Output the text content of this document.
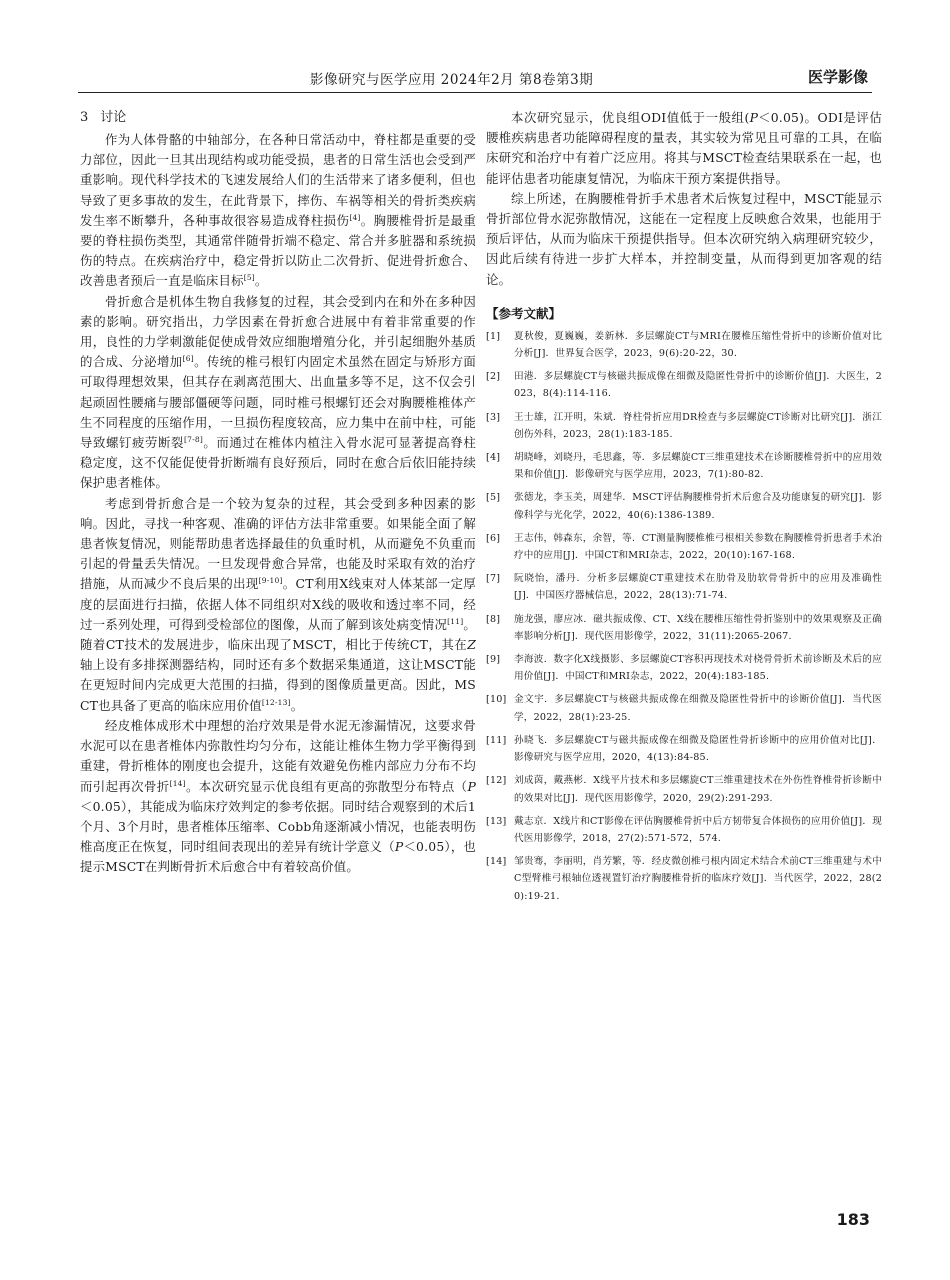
影像研究与医学应用 2024年2月 第8卷第3期	医学影像
3 讨论

作为人体骨骼的中轴部分，在各种日常活动中，脊柱都是重要的受力部位，因此一旦其出现结构或功能受损，患者的日常生活也会受到严重影响。现代科学技术的飞速发展给人们的生活带来了诸多便利，但也导致了更多事故的发生，在此背景下，摔伤、车祸等相关的骨折类疾病发生率不断攀升，各种事故很容易造成脊柱损伤[4]。胸腰椎骨折是最重要的脊柱损伤类型，其通常伴随骨折端不稳定、常合并多脏器和系统损伤的特点。在疾病治疗中，稳定骨折以防止二次骨折、促进骨折愈合、改善患者预后一直是临床目标[5]。

骨折愈合是机体生物自我修复的过程，其会受到内在和外在多种因素的影响。研究指出，力学因素在骨折愈合进展中有着非常重要的作用，良性的力学刺激能促使成骨效应细胞增殖分化，并引起细胞外基质的合成、分泌增加[6]。传统的椎弓根钉内固定术虽然在固定与矫形方面可取得理想效果，但其存在剥离范围大、出血量多等不足，这不仅会引起顽固性腰痛与腰部僵硬等问题，同时椎弓根螺钉还会对胸腰椎椎体产生不同程度的压缩作用，一旦损伤程度较高，应力集中在前中柱，可能导致螺钉疲劳断裂[7-8]。而通过在椎体内植注入骨水泥可显著提高脊柱稳定度，这不仅能促使骨折断端有良好预后，同时在愈合后依旧能持续保护患者椎体。

考虑到骨折愈合是一个较为复杂的过程，其会受到多种因素的影响。因此，寻找一种客观、准确的评估方法非常重要。如果能全面了解患者恢复情况，则能帮助患者选择最佳的负重时机，从而避免不负重而引起的骨量丢失情况。一旦发现骨愈合异常，也能及时采取有效的治疗措施，从而减少不良后果的出现[9-10]。CT利用X线束对人体某部一定厚度的层面进行扫描，依据人体不同组织对X线的吸收和透过率不同，经过一系列处理，可得到受检部位的图像，从而了解到该处病变情况[11]。随着CT技术的发展进步，临床出现了MSCT，相比于传统CT，其在Z轴上设有多排探测器结构，同时还有多个数据采集通道，这让MSCT能在更短时间内完成更大范围的扫描，得到的图像质量更高。因此，MSCT也具备了更高的临床应用价值[12-13]。

经皮椎体成形术中理想的治疗效果是骨水泥无渗漏情况，这要求骨水泥可以在患者椎体内弥散性均匀分布，这能让椎体生物力学平衡得到重建，骨折椎体的刚度也会提升，这能有效避免伤椎内部应力分布不均而引起再次骨折[14]。本次研究显示优良组有更高的弥散型分布特点（P＜0.05），其能成为临床疗效判定的参考依据。同时结合观察到的术后1个月、3个月时，患者椎体压缩率、Cobb角逐渐减小情况，也能表明伤椎高度正在恢复，同时组间表现出的差异有统计学意义（P＜0.05），也提示MSCT在判断骨折术后愈合中有着较高价值。

本次研究显示，优良组ODI值低于一般组(P＜0.05)。ODI是评估腰椎疾病患者功能障碍程度的量表，其实较为常见且可靠的工具，在临床研究和治疗中有着广泛应用。将其与MSCT检查结果联系在一起，也能评估患者功能康复情况，为临床干预方案提供指导。

综上所述，在胸腰椎骨折手术患者术后恢复过程中，MSCT能显示骨折部位骨水泥弥散情况，这能在一定程度上反映愈合效果，也能用于预后评估，从而为临床干预提供指导。但本次研究纳入病理研究较少，因此后续有待进一步扩大样本，并控制变量，从而得到更加客观的结论。

【参考文献】
[1]	夏秋俊，夏巍巍，姜新林．多层螺旋CT与MRI在腰椎压缩性骨折中的诊断价值对比分析[J]．世界复合医学，2023，9(6):20-22，30.
[2]	田港．多层螺旋CT与核磁共振成像在细微及隐匿性骨折中的诊断价值[J]．大医生，2023，8(4):114-116.
[3]	王士雄，江开明，朱斌．脊柱骨折应用DR检查与多层螺旋CT诊断对比研究[J]．浙江创伤外科，2023，28(1):183-185.
[4]	胡晓峰，刘晓丹，毛思鑫，等．多层螺旋CT三维重建技术在诊断腰椎骨折中的应用效果和价值[J]．影像研究与医学应用，2023，7(1):80-82.
[5]	张德龙，李玉美，周建华．MSCT评估胸腰椎骨折术后愈合及功能康复的研究[J]．影像科学与光化学，2022，40(6):1386-1389.
[6]	王志伟，韩森东，余智，等．CT测量胸腰椎椎弓根相关参数在胸腰椎骨折患者手术治疗中的应用[J]．中国CT和MRI杂志，2022，20(10):167-168.
[7]	阮晓怡，潘丹．分析多层螺旋CT重建技术在肋骨及肋软骨骨折中的应用及准确性[J]．中国医疗器械信息，2022，28(13):71-74.
[8]	施龙强，廖应冰．磁共振成像、CT、X线在腰椎压缩性骨折鉴别中的效果观察及正确率影响分析[J]．现代医用影像学，2022，31(11):2065-2067.
[9]	李海波．数字化X线摄影、多层螺旋CT容积再现技术对桡骨骨折术前诊断及术后的应用价值[J]．中国CT和MRI杂志，2022，20(4):183-185.
[10] 金文宇．多层螺旋CT与核磁共振成像在细微及隐匿性骨折中的诊断价值[J]．当代医学，2022，28(1):23-25.
[11] 孙晓飞．多层螺旋CT与磁共振成像在细微及隐匿性骨折诊断中的应用价值对比[J]．影像研究与医学应用，2020，4(13):84-85.
[12] 刘成茵，戴燕彬．X线平片技术和多层螺旋CT三维重建技术在外伤性脊椎骨折诊断中的效果对比[J]．现代医用影像学，2020，29(2):291-293.
[13] 戴志京．X线片和CT影像在评估胸腰椎骨折中后方韧带复合体损伤的应用价值[J]．现代医用影像学，2018，27(2):571-572，574.
[14] 邹贵骞，李丽明，肖芳繁，等．经皮微创椎弓根内固定术结合术前CT三维重建与术中C型臂椎弓根轴位透视置钉治疗胸腰椎骨折的临床疗效[J]．当代医学，2022，28(20):19-21.
183
